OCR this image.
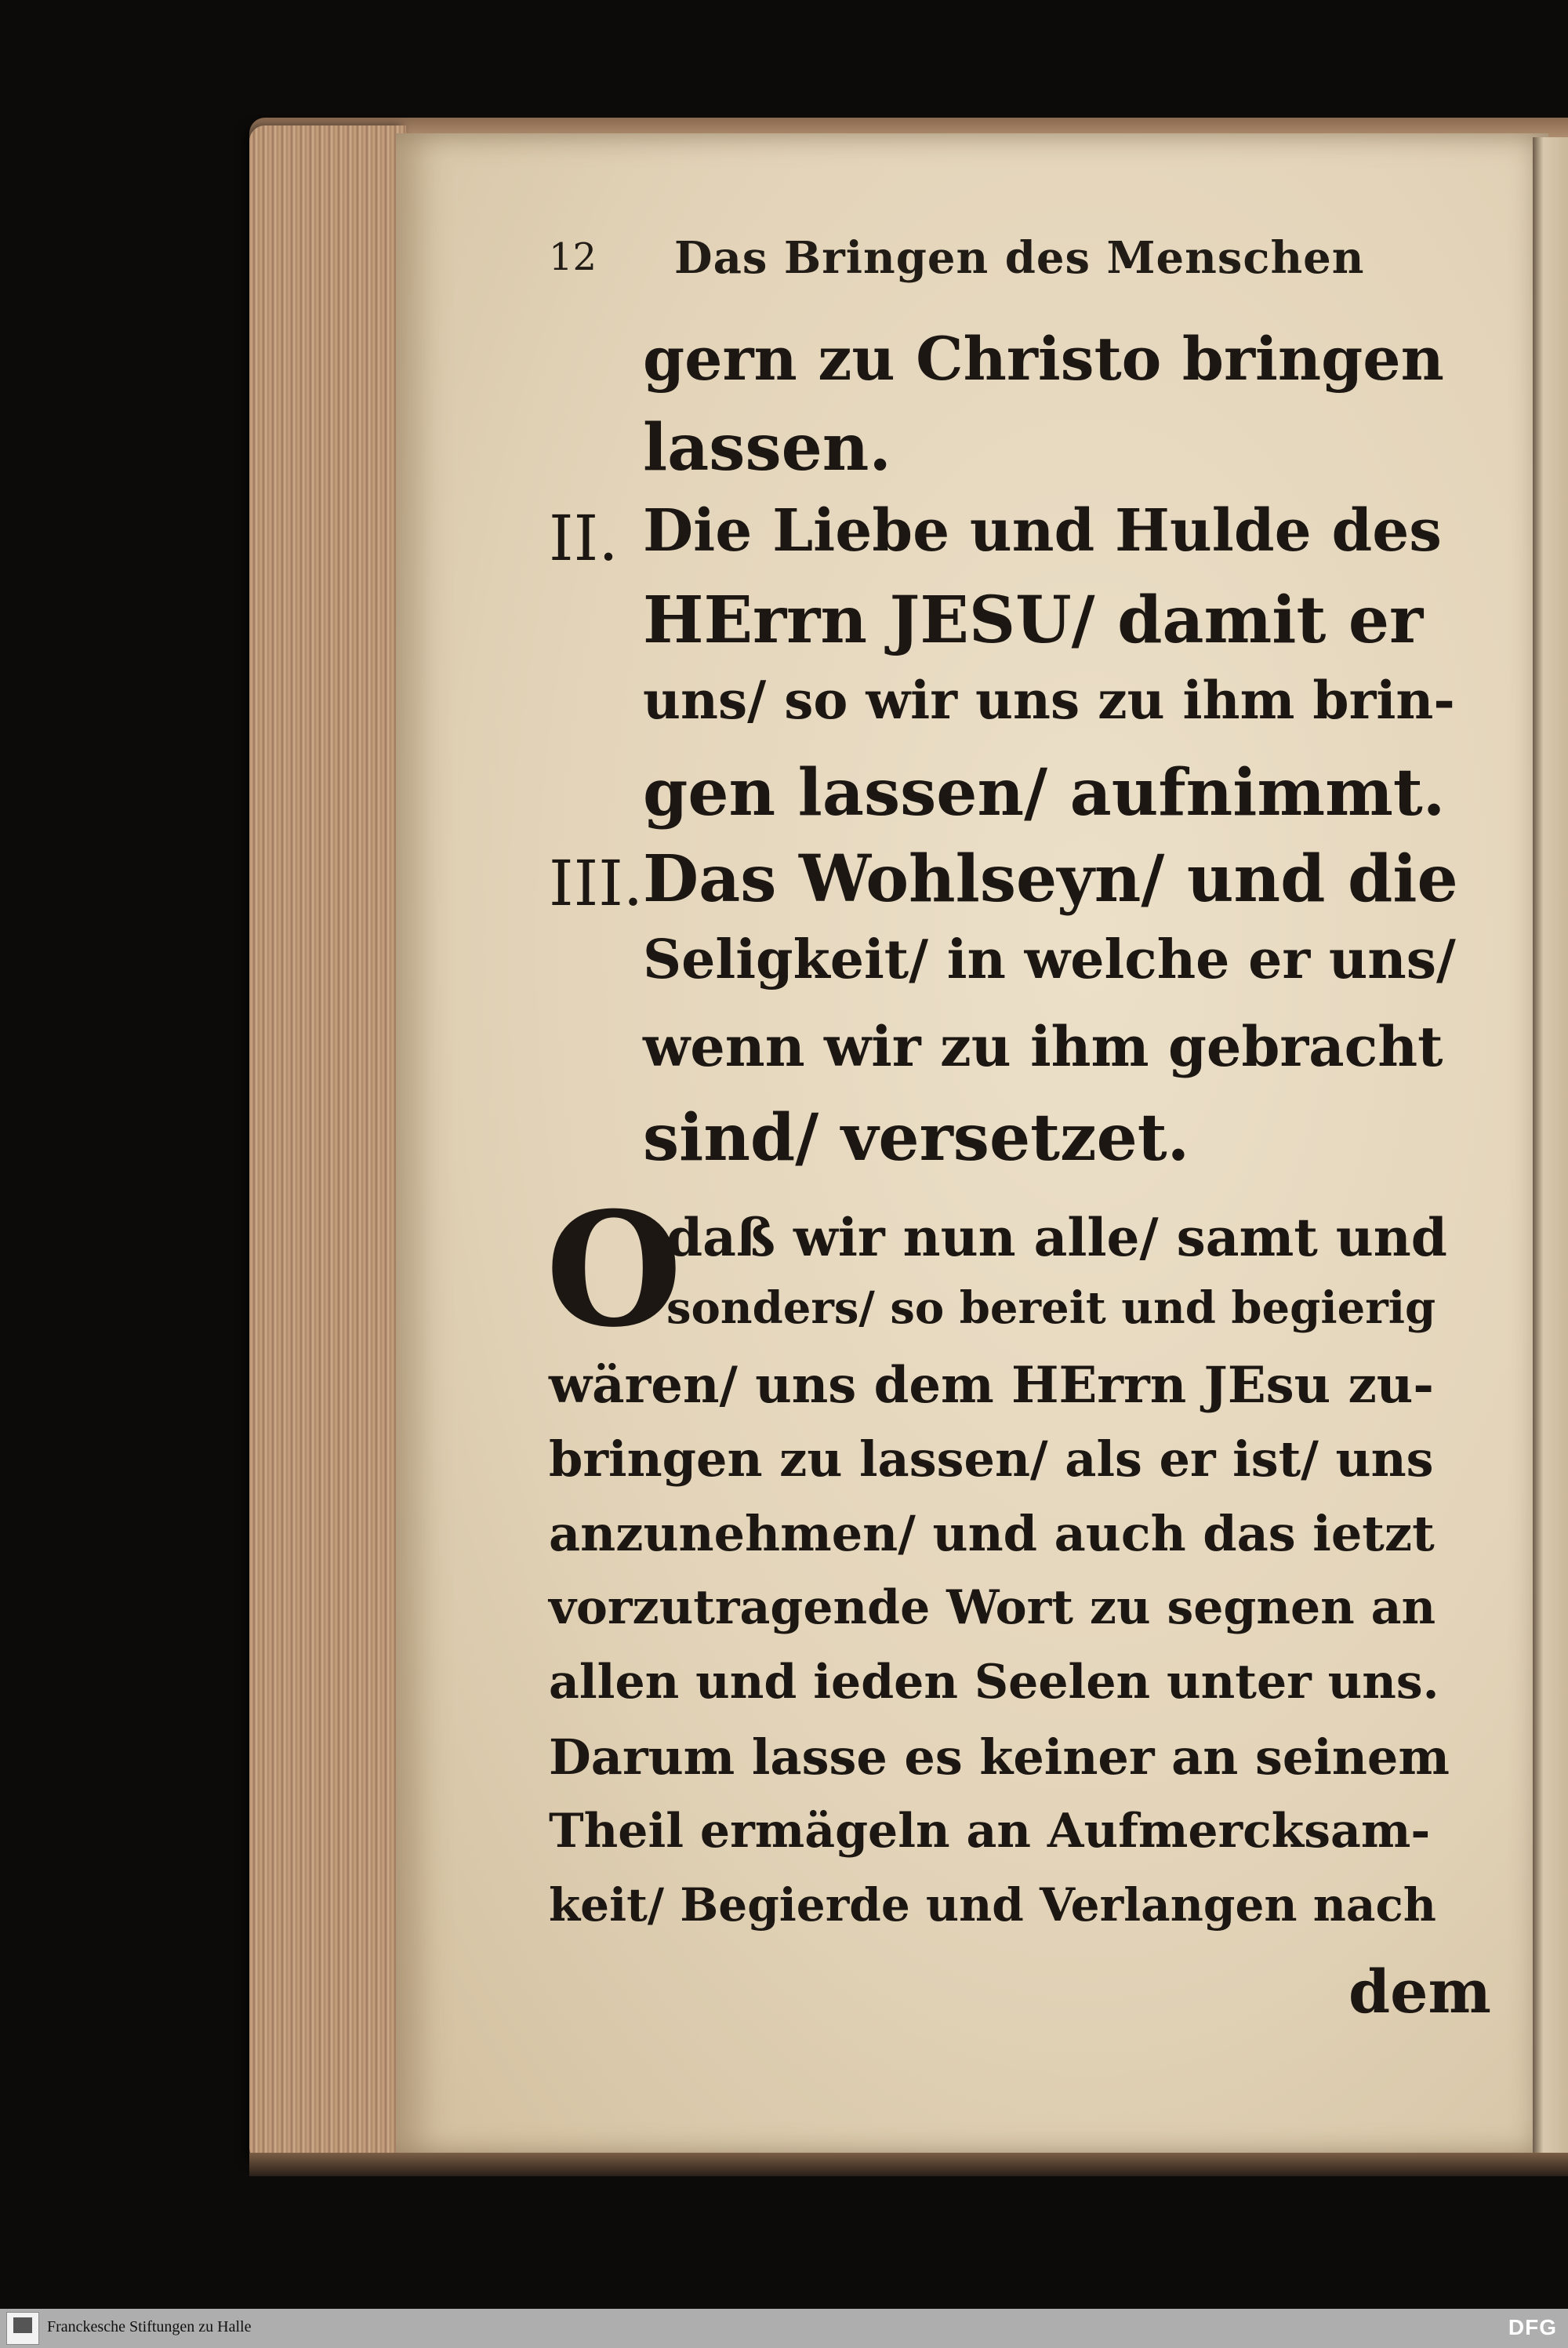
12 Das Bringen des Menschen
gern zu Christo bringen
lassen.
II. Die Liebe und Hulde des
HErrn JESU/ damit er
uns/ so wir uns zu ihm brin-
gen lassen/ aufnimmt.
III. Das Wohlseyn/ und die
Seligkeit/ in welche er uns/
wenn wir zu ihm gebracht
sind/ versetzet.
O
daß wir nun alle/ samt und
sonders/ so bereit und begierig
wären/ uns dem HErrn JEsu zu-
bringen zu lassen/ als er ist/ uns
anzunehmen/ und auch das ietzt
vorzutragende Wort zu segnen an
allen und ieden Seelen unter uns.
Darum lasse es keiner an seinem
Theil ermägeln an Aufmercksam-
keit/ Begierde und Verlangen nach
dem
Franckesche Stiftungen zu Halle	DFG
